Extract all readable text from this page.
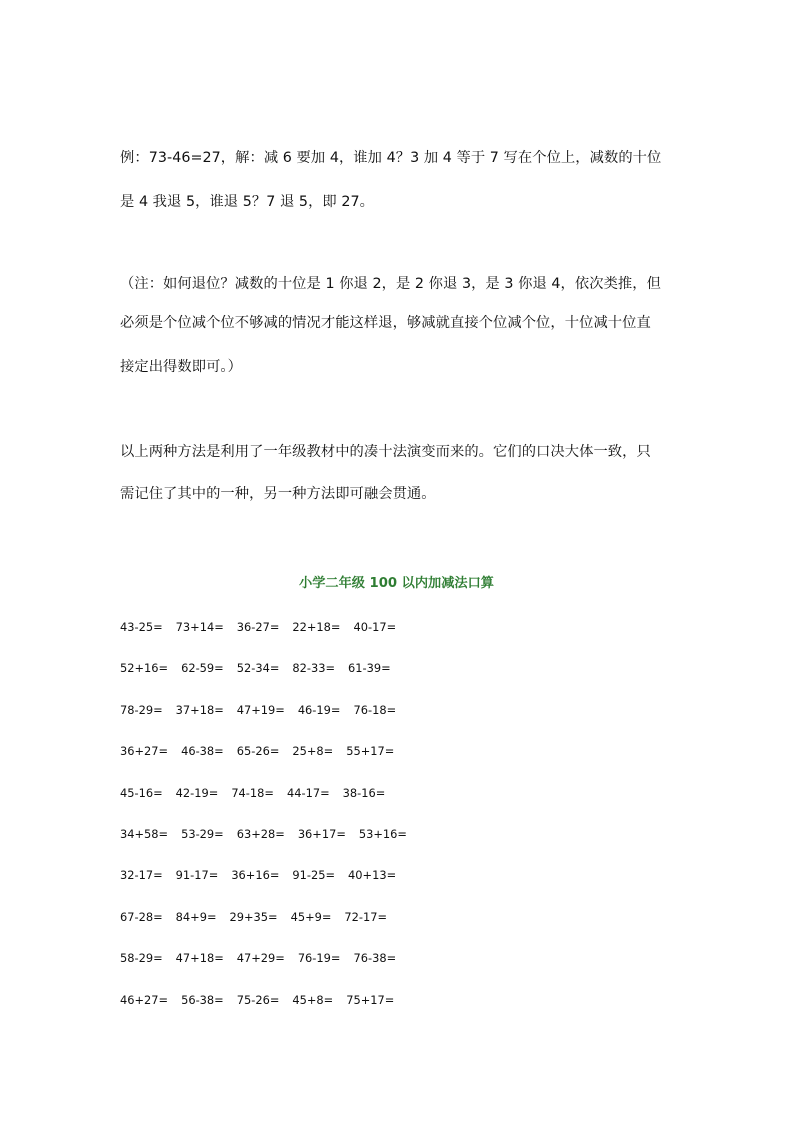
例：73-46=27，解：减 6 要加 4，谁加 4？3 加 4 等于 7 写在个位上，减数的十位
是 4 我退 5，谁退 5？7 退 5，即 27。
（注：如何退位？减数的十位是 1 你退 2，是 2 你退 3，是 3 你退 4，依次类推，但
必须是个位减个位不够减的情况才能这样退，够减就直接个位减个位，十位减十位直
接定出得数即可。）
以上两种方法是利用了一年级教材中的凑十法演变而来的。它们的口决大体一致，只
需记住了其中的一种，另一种方法即可融会贯通。
小学二年级 100 以内加减法口算
43-25= 73+14= 36-27= 22+18= 40-17=
52+16= 62-59= 52-34= 82-33= 61-39=
78-29= 37+18= 47+19= 46-19= 76-18=
36+27= 46-38= 65-26= 25+8= 55+17=
45-16= 42-19= 74-18= 44-17= 38-16=
34+58= 53-29= 63+28= 36+17= 53+16=
32-17= 91-17= 36+16= 91-25= 40+13=
67-28= 84+9= 29+35= 45+9= 72-17=
58-29= 47+18= 47+29= 76-19= 76-38=
46+27= 56-38= 75-26= 45+8= 75+17=
